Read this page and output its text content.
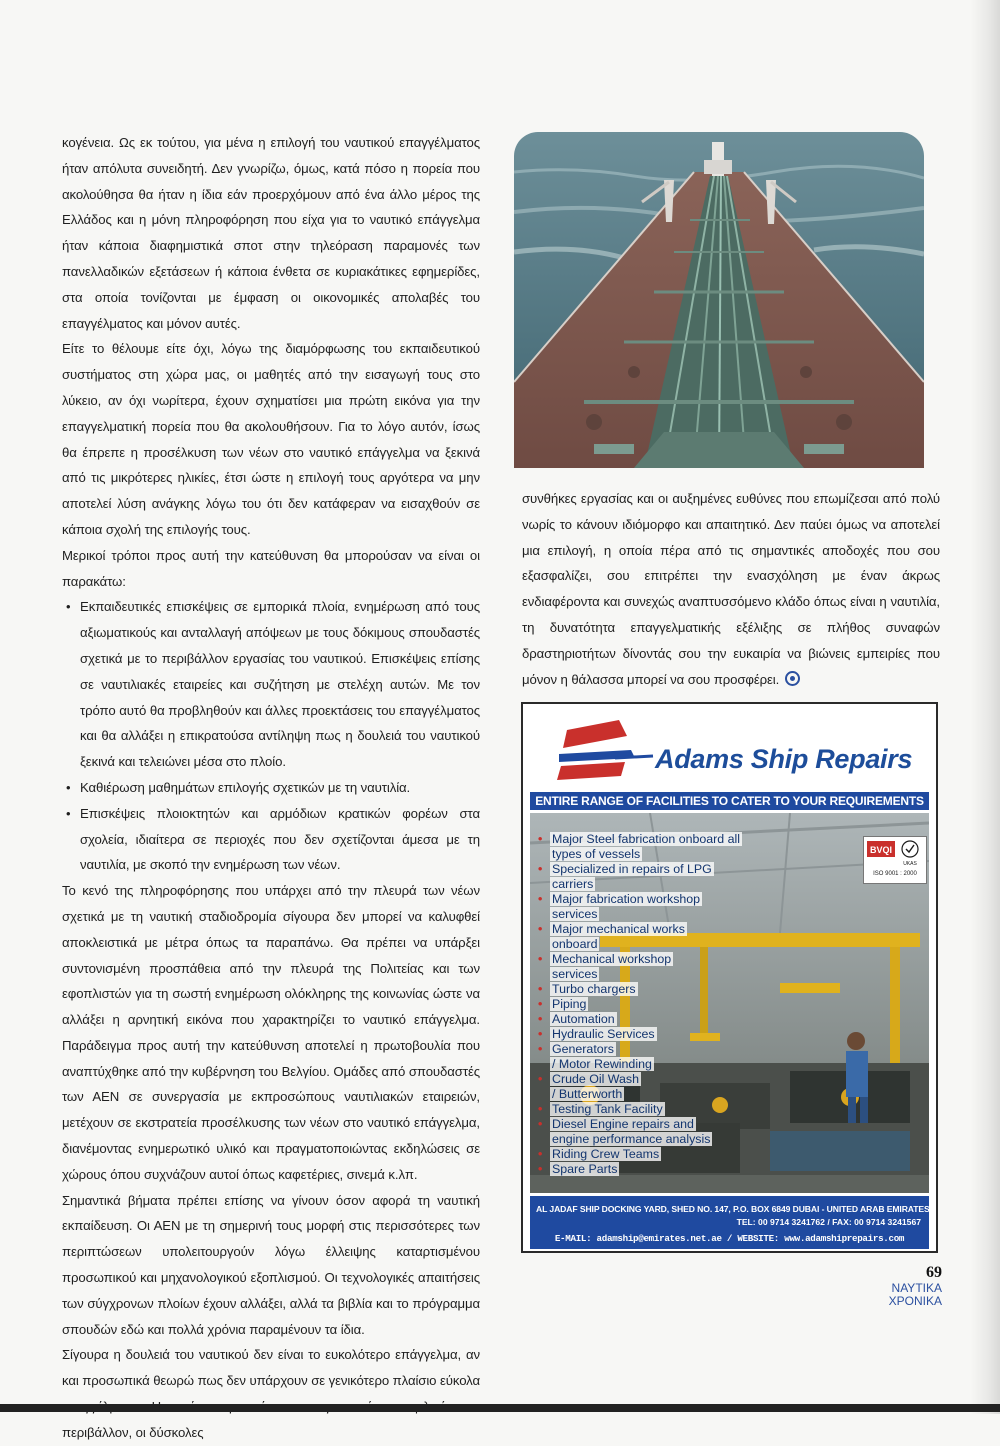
κογένεια. Ως εκ τούτου, για μένα η επιλογή του ναυτικού επαγγέλματος ήταν απόλυτα συνειδητή. Δεν γνωρίζω, όμως, κατά πόσο η πορεία που ακολούθησα θα ήταν η ίδια εάν προερχόμουν από ένα άλλο μέρος της Ελλάδος και η μόνη πληροφόρηση που είχα για το ναυτικό επάγγελμα ήταν κάποια διαφημιστικά σποτ στην τηλεόραση παραμονές των πανελλαδικών εξετάσεων ή κάποια ένθετα σε κυριακάτικες εφημερίδες, στα οποία τονίζονται με έμφαση οι οικονομικές απολαβές του επαγγέλματος και μόνον αυτές.

Είτε το θέλουμε είτε όχι, λόγω της διαμόρφωσης του εκπαιδευτικού συστήματος στη χώρα μας, οι μαθητές από την εισαγωγή τους στο λύκειο, αν όχι νωρίτερα, έχουν σχηματίσει μια πρώτη εικόνα για την επαγγελματική πορεία που θα ακολουθήσουν. Για το λόγο αυτόν, ίσως θα έπρεπε η προσέλκυση των νέων στο ναυτικό επάγγελμα να ξεκινά από τις μικρότερες ηλικίες, έτσι ώστε η επιλογή τους αργότερα να μην αποτελεί λύση ανάγκης λόγω του ότι δεν κατάφεραν να εισαχθούν σε κάποια σχολή της επιλογής τους.

Μερικοί τρόποι προς αυτή την κατεύθυνση θα μπορούσαν να είναι οι παρακάτω:

• Εκπαιδευτικές επισκέψεις σε εμπορικά πλοία, ενημέρωση από τους αξιωματικούς και ανταλλαγή απόψεων με τους δόκιμους σπουδαστές σχετικά με το περιβάλλον εργασίας του ναυτικού. Επισκέψεις επίσης σε ναυτιλιακές εταιρείες και συζήτηση με στελέχη αυτών. Με τον τρόπο αυτό θα προβληθούν και άλλες προεκτάσεις του επαγγέλματος και θα αλλάξει η επικρατούσα αντίληψη πως η δουλειά του ναυτικού ξεκινά και τελειώνει μέσα στο πλοίο.
• Καθιέρωση μαθημάτων επιλογής σχετικών με τη ναυτιλία.
• Επισκέψεις πλοιοκτητών και αρμόδιων κρατικών φορέων στα σχολεία, ιδιαίτερα σε περιοχές που δεν σχετίζονται άμεσα με τη ναυτιλία, με σκοπό την ενημέρωση των νέων.

Το κενό της πληροφόρησης που υπάρχει από την πλευρά των νέων σχετικά με τη ναυτική σταδιοδρομία σίγουρα δεν μπορεί να καλυφθεί αποκλειστικά με μέτρα όπως τα παραπάνω. Θα πρέπει να υπάρξει συντονισμένη προσπάθεια από την πλευρά της Πολιτείας και των εφοπλιστών για τη σωστή ενημέρωση ολόκληρης της κοινωνίας ώστε να αλλάξει η αρνητική εικόνα που χαρακτηρίζει το ναυτικό επάγγελμα. Παράδειγμα προς αυτή την κατεύθυνση αποτελεί η πρωτοβουλία που αναπτύχθηκε από την κυβέρνηση του Βελγίου. Ομάδες από σπουδαστές των ΑΕΝ σε συνεργασία με εκπροσώπους ναυτιλιακών εταιρειών, μετέχουν σε εκστρατεία προσέλκυσης των νέων στο ναυτικό επάγγελμα, διανέμοντας ενημερωτικό υλικό και πραγματοποιώντας εκδηλώσεις σε χώρους όπου συχνάζουν αυτοί όπως καφετέριες, σινεμά κ.λπ.

Σημαντικά βήματα πρέπει επίσης να γίνουν όσον αφορά τη ναυτική εκπαίδευση. Οι ΑΕΝ με τη σημερινή τους μορφή στις περισσότερες των περιπτώσεων υπολειτουργούν λόγω έλλειψης καταρτισμένου προσωπικού και μηχανολογικού εξοπλισμού. Οι τεχνολογικές απαιτήσεις των σύγχρονων πλοίων έχουν αλλάξει, αλλά τα βιβλία και το πρόγραμμα σπουδών εδώ και πολλά χρόνια παραμένουν τα ίδια.

Σίγουρα η δουλειά του ναυτικού δεν είναι το ευκολότερο επάγγελμα, αν και προσωπικά θεωρώ πως δεν υπάρχουν σε γενικότερο πλαίσιο εύκολα περιβάλλον, οι δύσκολες

συνθήκες εργασίας και οι αυξημένες ευθύνες που επωμίζεσαι από πολύ νωρίς το κάνουν ιδιόμορφο και απαιτητικό. Δεν παύει όμως να αποτελεί μια επιλογή, η οποία πέρα από τις σημαντικές αποδοχές που σου εξασφαλίζει, σου επιτρέπει την ενασχόληση με έναν άκρως ενδιαφέροντα και συνεχώς αναπτυσσόμενο κλάδο όπως είναι η ναυτιλία, τη δυνατότητα επαγγελματικής εξέλιξης σε πλήθος συναφών δραστηριοτήτων δίνοντάς σου την ευκαιρία να βιώνεις εμπειρίες που μόνον η θάλασσα μπορεί να σου προσφέρει.

Adams Ship Repairs
ENTIRE RANGE OF FACILITIES TO CATER TO YOUR REQUIREMENTS
BVQI
UKAS
ISO 9001 : 2000
• Major Steel fabrication onboard all
types of vessels
• Specialized in repairs of LPG
carriers
• Major fabrication workshop
services
• Major mechanical works
onboard
• Mechanical workshop
services
• Turbo chargers
• Piping
• Automation
• Hydraulic Services
• Generators
/ Motor Rewinding
• Crude Oil Wash
/ Butterworth
• Testing Tank Facility
• Diesel Engine repairs and
engine performance analysis
• Riding Crew Teams
• Spare Parts
AL JADAF SHIP DOCKING YARD, SHED NO. 147, P.O. BOX 6849 DUBAI - UNITED ARAB EMIRATES
TEL: 00 9714 3241762 / FAX: 00 9714 3241567
E-MAIL: adamship@emirates.net.ae / WEBSITE: www.adamshiprepairs.com
69
ΝΑΥΤΙΚΑ
ΧΡΟΝΙΚΑ
